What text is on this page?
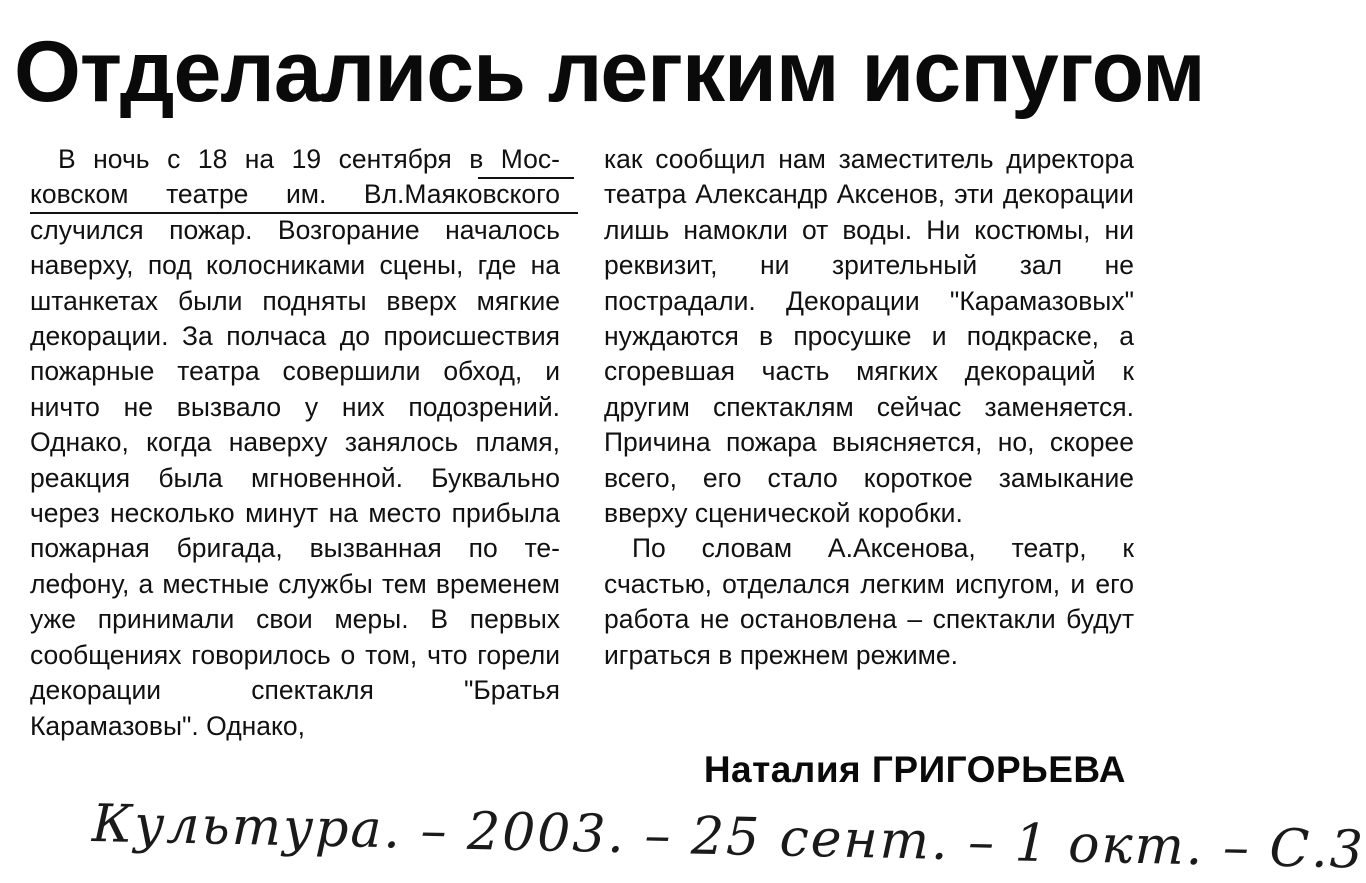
Отделались легким испугом

В ночь с 18 на 19 сентября в Московском театре им. Вл.Маяковского случился пожар. Возгорание началось наверху, под колосниками сцены, где на штанкетах были подняты вверх мягкие декорации. За полчаса до происшествия пожарные театра совершили обход, и ничто не вызвало у них подозрений. Однако, когда наверху занялось пламя, реакция была мгновенной. Буквально через несколько минут на место прибыла пожарная бригада, вызванная по телефону, а местные службы тем временем уже принимали свои меры. В первых сообщениях говорилось о том, что горели декорации спектакля "Братья Карамазовы". Однако,

как сообщил нам заместитель директора театра Александр Аксенов, эти декорации лишь намокли от воды. Ни костюмы, ни реквизит, ни зрительный зал не пострадали. Декорации "Карамазовых" нуждаются в просушке и подкраске, а сгоревшая часть мягких декораций к другим спектаклям сейчас заменяется. Причина пожара выясняется, но, скорее всего, его стало короткое замыкание вверху сценической коробки.

По словам А.Аксенова, театр, к счастью, отделался легким испугом, и его работа не остановлена – спектакли будут играться в прежнем режиме.

Наталия ГРИГОРЬЕВА
Культура. – 2003. – 25 сент. – 1 окт. – С.3
